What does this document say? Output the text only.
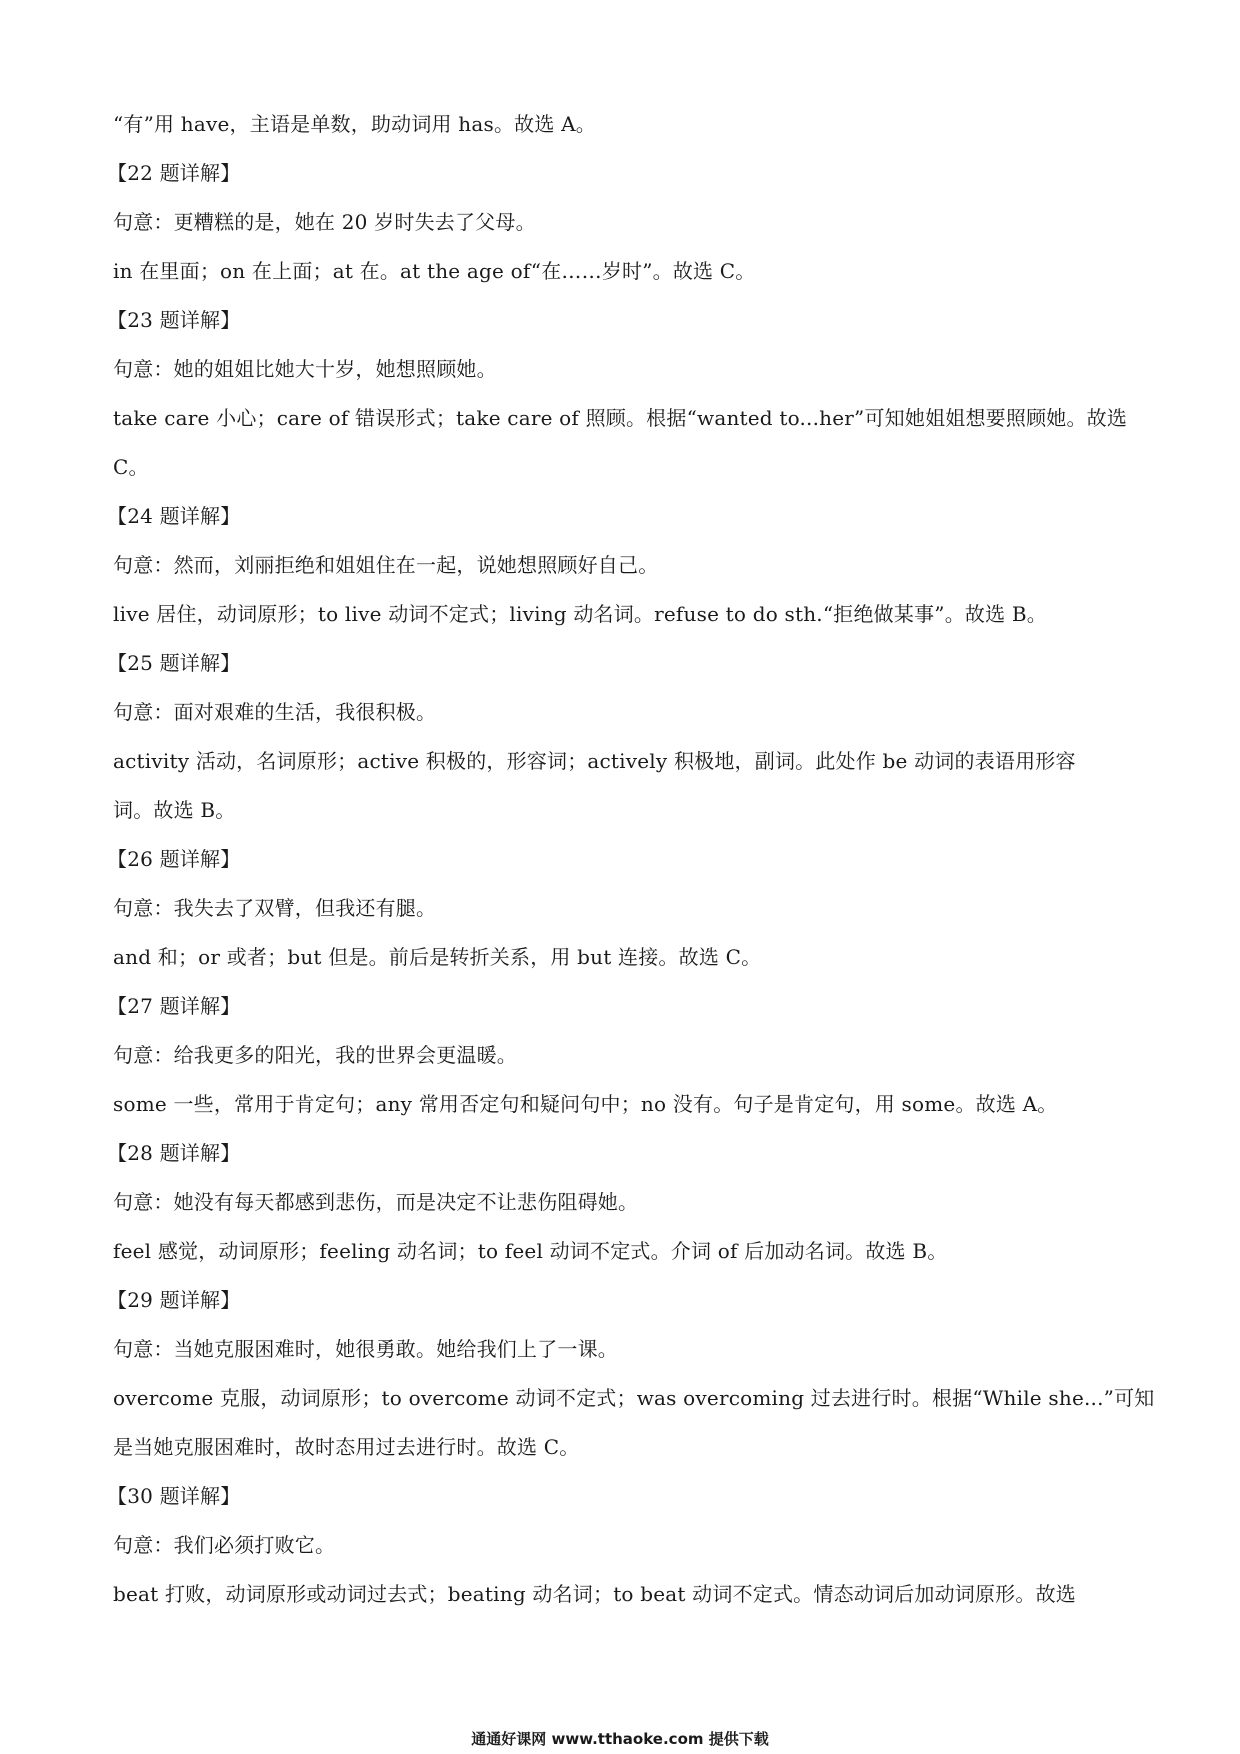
“有”用 have，主语是单数，助动词用 has。故选 A。
【22 题详解】
句意：更糟糕的是，她在 20 岁时失去了父母。
in 在里面；on 在上面；at 在。at the age of“在……岁时”。故选 C。
【23 题详解】
句意：她的姐姐比她大十岁，她想照顾她。
take care 小心；care of 错误形式；take care of 照顾。根据“wanted to...her”可知她姐姐想要照顾她。故选
C。
【24 题详解】
句意：然而，刘丽拒绝和姐姐住在一起，说她想照顾好自己。
live 居住，动词原形；to live 动词不定式；living 动名词。refuse to do sth.“拒绝做某事”。故选 B。
【25 题详解】
句意：面对艰难的生活，我很积极。
activity 活动，名词原形；active 积极的，形容词；actively 积极地，副词。此处作 be 动词的表语用形容
词。故选 B。
【26 题详解】
句意：我失去了双臂，但我还有腿。
and 和；or 或者；but 但是。前后是转折关系，用 but 连接。故选 C。
【27 题详解】
句意：给我更多的阳光，我的世界会更温暖。
some 一些，常用于肯定句；any 常用否定句和疑问句中；no 没有。句子是肯定句，用 some。故选 A。
【28 题详解】
句意：她没有每天都感到悲伤，而是决定不让悲伤阻碍她。
feel 感觉，动词原形；feeling 动名词；to feel 动词不定式。介词 of 后加动名词。故选 B。
【29 题详解】
句意：当她克服困难时，她很勇敢。她给我们上了一课。
overcome 克服，动词原形；to overcome 动词不定式；was overcoming 过去进行时。根据“While she...”可知
是当她克服困难时，故时态用过去进行时。故选 C。
【30 题详解】
句意：我们必须打败它。
beat 打败，动词原形或动词过去式；beating 动名词；to beat 动词不定式。情态动词后加动词原形。故选
通通好课网 www.tthaoke.com 提供下载
